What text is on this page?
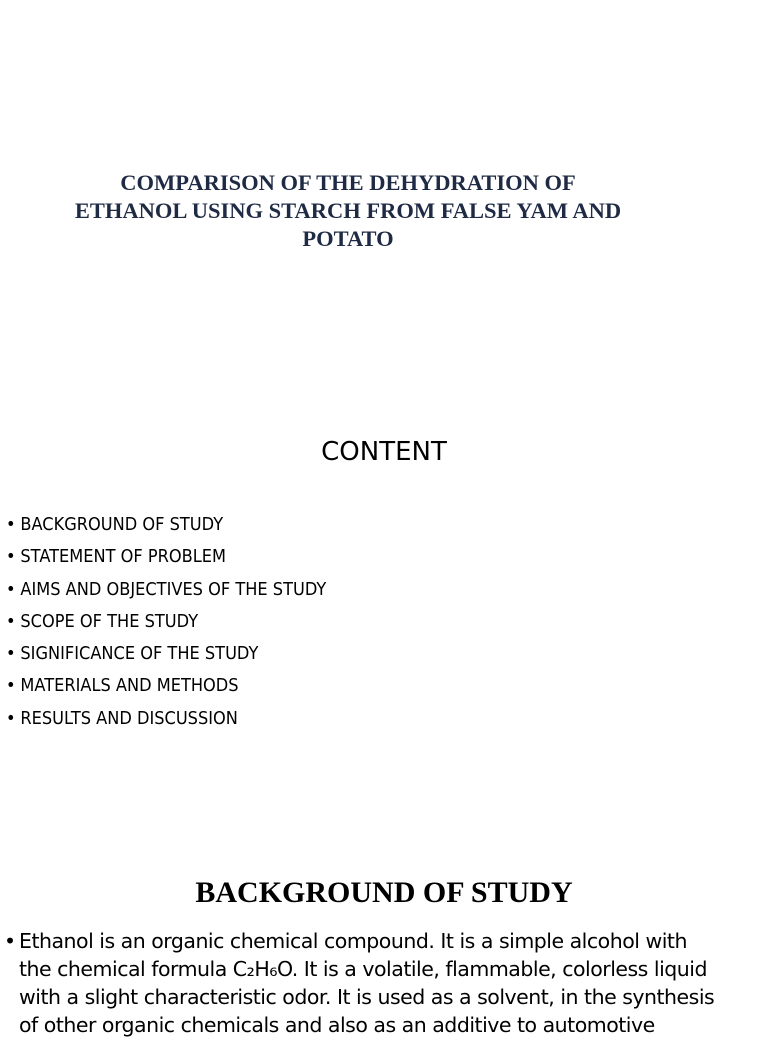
COMPARISON OF THE DEHYDRATION OF
ETHANOL USING STARCH FROM FALSE YAM AND
POTATO
CONTENT
• BACKGROUND OF STUDY
• STATEMENT OF PROBLEM
• AIMS AND OBJECTIVES OF THE STUDY
• SCOPE OF THE STUDY
• SIGNIFICANCE OF THE STUDY
• MATERIALS AND METHODS
• RESULTS AND DISCUSSION
BACKGROUND OF STUDY

• Ethanol is an organic chemical compound. It is a simple alcohol with
the chemical formula C₂H₆O. It is a volatile, flammable, colorless liquid
with a slight characteristic odor. It is used as a solvent, in the synthesis
of other organic chemicals and also as an additive to automotive
